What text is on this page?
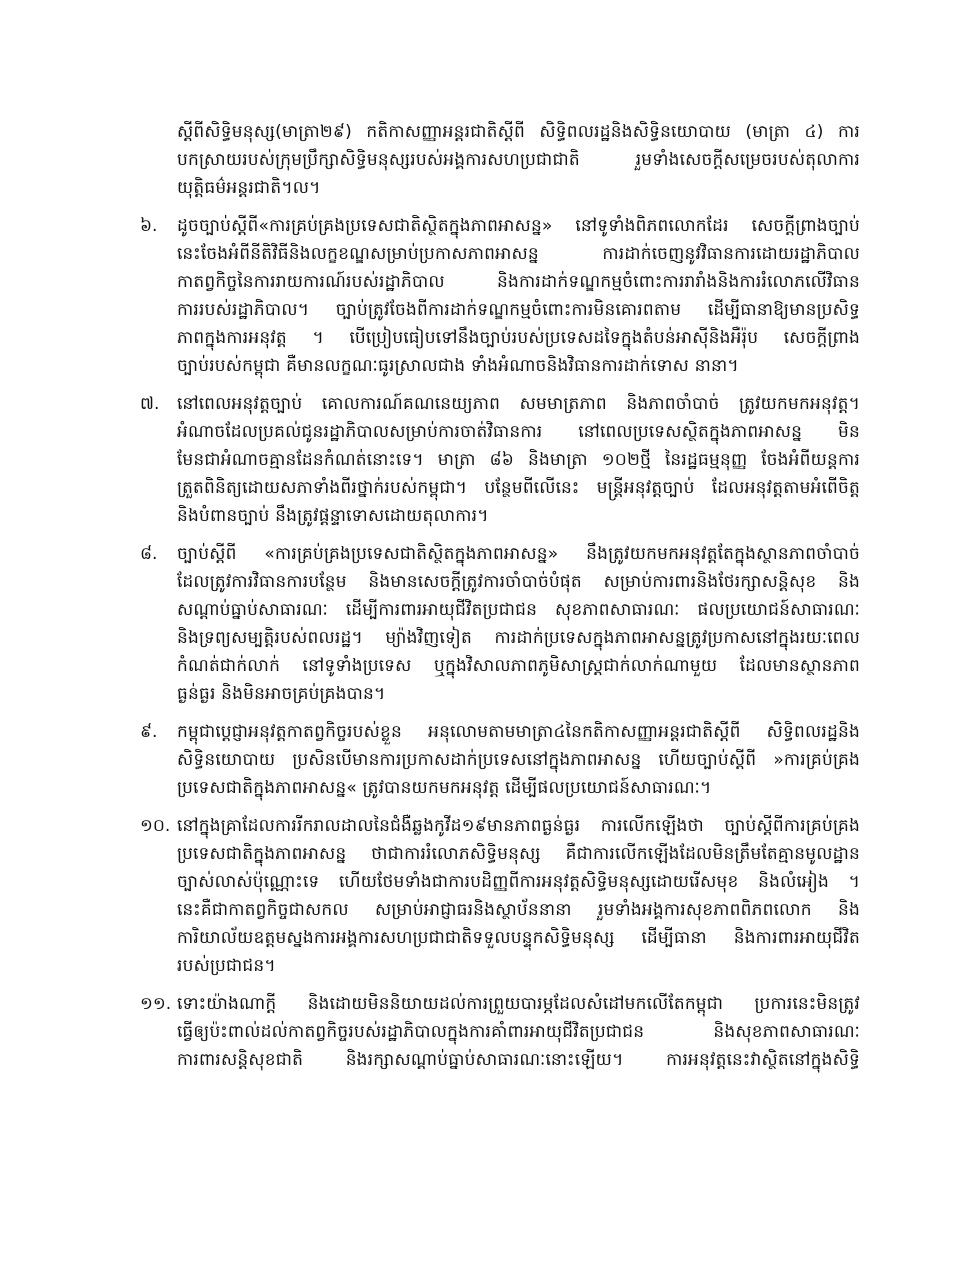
ស្តីពីសិទ្ធិមនុស្ស(មាត្រា២៩) កតិកាសញ្ញាអន្តរជាតិស្តីពី សិទ្ធិពលរដ្ឋនិងសិទ្ធិនយោបាយ (មាត្រា ៤) ការ
បកស្រាយរបស់ក្រុមប្រឹក្សាសិទ្ធិមនុស្សរបស់អង្គការសហប្រជាជាតិ រួមទាំងសេចក្តីសម្រេចរបស់តុលាការ
យុត្តិធម៌អន្តរជាតិ។ល។
៦.	ដូចច្បាប់ស្តីពី«ការគ្រប់គ្រងប្រទេសជាតិស្ថិតក្នុងភាពអាសន្ន» នៅទូទាំងពិភពលោកដែរ សេចក្តីព្រាងច្បាប់
នេះចែងអំពីនីតិវិធីនិងលក្ខខណ្ឌសម្រាប់ប្រកាសភាពអាសន្ន ការដាក់ចេញនូវវិធានការដោយរដ្ឋាភិបាល
កាតព្វកិច្ចនៃការរាយការណ៍របស់រដ្ឋាភិបាល និងការដាក់ទណ្ឌកម្មចំពោះការរារាំងនិងការរំលោភលើវិធាន
ការរបស់រដ្ឋាភិបាល។ ច្បាប់ត្រូវចែងពីការដាក់ទណ្ឌកម្មចំពោះការមិនគោរពតាម ដើម្បីធានាឱ្យមានប្រសិទ្ធ
ភាពក្នុងការអនុវត្ត ។ បើប្រៀបធៀបទៅនឹងច្បាប់របស់ប្រទេសដទៃក្នុងតំបន់អាស៊ីនិងអឺរ៉ុប សេចក្តីព្រាង
ច្បាប់របស់កម្ពុជា គឺមានលក្ខណៈធូរស្រាលជាង ទាំងអំណាចនិងវិធានការដាក់ទោស នានា។
៧.	នៅពេលអនុវត្តច្បាប់ គោលការណ៍គណនេយ្យភាព សមមាត្រភាព និងភាពចាំបាច់ ត្រូវយកមកអនុវត្ត។
អំណាចដែលប្រគល់ជូនរដ្ឋាភិបាលសម្រាប់ការចាត់វិធានការ នៅពេលប្រទេសស្ថិតក្នុងភាពអាសន្ន មិន
មែនជាអំណាចគ្មានដែនកំណត់នោះទេ។ មាត្រា ៨៦ និងមាត្រា ១០២ថ្មី នៃរដ្ឋធម្មនុញ្ញ ចែងអំពីយន្តការ
ត្រួតពិនិត្យដោយសភាទាំងពីរថ្នាក់របស់កម្ពុជា។ បន្ថែមពីលើនេះ មន្ត្រីអនុវត្តច្បាប់ ដែលអនុវត្តតាមអំពើចិត្ត
និងបំពានច្បាប់ នឹងត្រូវផ្តន្ទាទោសដោយតុលាការ។
៨.	ច្បាប់ស្តីពី «ការគ្រប់គ្រងប្រទេសជាតិស្ថិតក្នុងភាពអាសន្ន» នឹងត្រូវយកមកអនុវត្តតែក្នុងស្ថានភាពចាំបាច់
ដែលត្រូវការវិធានការបន្ថែម និងមានសេចក្តីត្រូវការចាំបាច់បំផុត សម្រាប់ការពារនិងថែរក្សាសន្តិសុខ និង
សណ្តាប់ធ្នាប់សាធារណៈ ដើម្បីការពារអាយុជីវិតប្រជាជន សុខភាពសាធារណៈ ផលប្រយោជន៍សាធារណៈ
និងទ្រព្យសម្បត្តិរបស់ពលរដ្ឋ។ ម្យ៉ាងវិញទៀត ការដាក់ប្រទេសក្នុងភាពអាសន្នត្រូវប្រកាសនៅក្នុងរយៈពេល
កំណត់ជាក់លាក់ នៅទូទាំងប្រទេស ឬក្នុងវិសាលភាពភូមិសាស្ត្រជាក់លាក់ណាមួយ ដែលមានស្ថានភាព
ធ្ងន់ធ្ងរ និងមិនអាចគ្រប់គ្រងបាន។
៩.	កម្ពុជាប្តេជ្ញាអនុវត្តកាតព្វកិច្ចរបស់ខ្លួន អនុលោមតាមមាត្រា៤នៃកតិកាសញ្ញាអន្តរជាតិស្តីពី សិទ្ធិពលរដ្ឋនិង
សិទ្ធិនយោបាយ ប្រសិនបើមានការប្រកាសដាក់ប្រទេសនៅក្នុងភាពអាសន្ន ហើយច្បាប់ស្តីពី »ការគ្រប់គ្រង
ប្រទេសជាតិក្នុងភាពអាសន្ន« ត្រូវបានយកមកអនុវត្ត ដើម្បីផលប្រយោជន៍សាធារណៈ។
១០. នៅក្នុងគ្រាដែលការរីករាលដាលនៃជំងឺឆ្លងកូវីដ១៩មានភាពធ្ងន់ធ្ងរ ការលើកឡើងថា ច្បាប់ស្តីពីការគ្រប់គ្រង
ប្រទេសជាតិក្នុងភាពអាសន្ន ថាជាការរំលោភសិទ្ធិមនុស្ស គឺជាការលើកឡើងដែលមិនត្រឹមតែគ្មានមូលដ្ឋាន
ច្បាស់លាស់ប៉ុណ្ណោះទេ ហើយថែមទាំងជាការបដិញ្ញពីការអនុវត្តសិទ្ធិមនុស្សដោយរើសមុខ និងលំអៀង ។
នេះគឺជាកាតព្វកិច្ចជាសកល សម្រាប់អាជ្ញាធរនិងស្ថាប័ននានា រួមទាំងអង្គការសុខភាពពិភពលោក និង
ការិយាល័យឧត្តមស្នងការអង្គការសហប្រជាជាតិទទួលបន្ទុកសិទ្ធិមនុស្ស ដើម្បីធានា និងការពារអាយុជីវិត
របស់ប្រជាជន។
១១. ទោះយ៉ាងណាក្តី និងដោយមិននិយាយដល់ការព្រួយបារម្ភដែលសំដៅមកលើតែកម្ពុជា ប្រការនេះមិនត្រូវ
ធ្វើឲ្យប៉ះពាល់ដល់កាតព្វកិច្ចរបស់រដ្ឋាភិបាលក្នុងការគាំពារអាយុជីវិតប្រជាជន និងសុខភាពសាធារណៈ
ការពារសន្តិសុខជាតិ និងរក្សាសណ្តាប់ធ្នាប់សាធារណៈនោះឡើយ។ ការអនុវត្តនេះវាស្ថិតនៅក្នុងសិទ្ធិ
